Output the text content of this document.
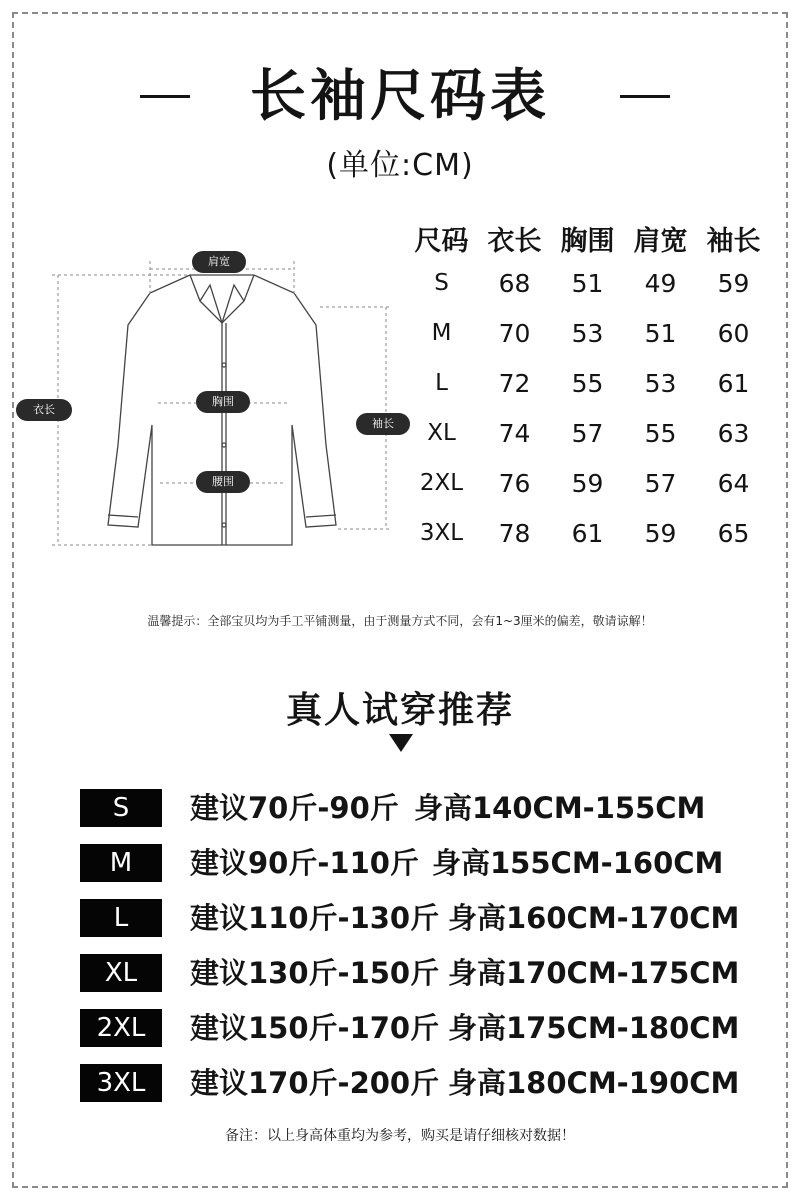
长袖尺码表
(单位:CM)
肩宽
衣长
胸围
袖长
腰围
尺码 衣长 胸围 肩宽 袖长
S	68	51	49	59
M	70	53	51	60
L	72	55	53	61
XL	74	57	55	63
2XL	76	59	57	64
3XL	78	61	59	65
温馨提示：全部宝贝均为手工平铺测量，由于测量方式不同，会有1~3厘米的偏差，敬请谅解！
真人试穿推荐
S	建议70斤-90斤 身高140CM-155CM
M	建议90斤-110斤 身高155CM-160CM
L	建议110斤-130斤 身高160CM-170CM
XL	建议130斤-150斤 身高170CM-175CM
2XL	建议150斤-170斤 身高175CM-180CM
3XL	建议170斤-200斤 身高180CM-190CM
备注：以上身高体重均为参考，购买是请仔细核对数据！
